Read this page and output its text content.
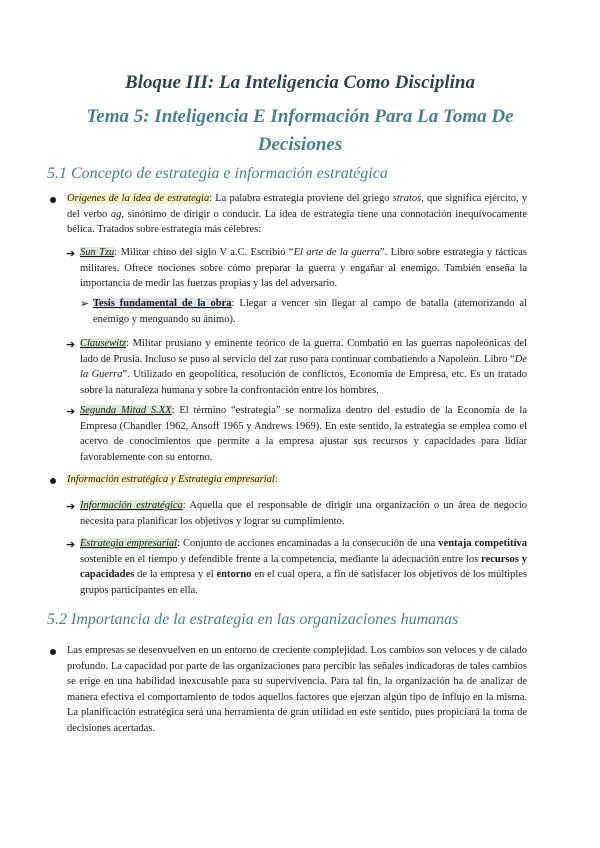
Bloque III: La Inteligencia Como Disciplina
Tema 5: Inteligencia E Información Para La Toma De Decisiones
5.1 Concepto de estrategia e información estratégica
Orígenes de la idea de estrategia: La palabra estrategia proviene del griego stratos, que significa ejército, y del verbo ag, sinónimo de dirigir o conducir. La idea de estrategia tiene una connotación inequívocamente bélica. Tratados sobre estrategia más célebres:
➔ Sun Tzu: Militar chino del siglo V a.C. Escribió “El arte de la guerra”. Libro sobre estrategia y tácticas militares. Ofrece nociones sobre cómo preparar la guerra y engañar al enemigo. También enseña la importancia de medir las fuerzas propias y las del adversario.
➢ Tesis fundamental de la obra: Llegar a vencer sin llegar al campo de batalla (atemorizando al enemigo y menguando su ánimo).
➔ Clausewitz: Militar prusiano y eminente teórico de la guerra. Combatió en las guerras napoleónicas del lado de Prusia. Incluso se puso al servicio del zar ruso para continuar combatiendo a Napoleón. Libro “De la Guerra”. Utilizado en geopolítica, resolución de conflictos, Economía de Empresa, etc. Es un tratado sobre la naturaleza humana y sobre la confrontación entre los hombres.
➔ Segunda Mitad S.XX: El término “estrategia” se normaliza dentro del estudio de la Economía de la Empresa (Chandler 1962, Ansoff 1965 y Andrews 1969). En este sentido, la estrategia se emplea como el acervo de conocimientos que permite a la empresa ajustar sus recursos y capacidades para lidiar favorablemente con su entorno.
Información estratégica y Estrategia empresarial:
➔ Información estratégica: Aquella que el responsable de dirigir una organización o un área de negocio necesita para planificar los objetivos y lograr su cumplimiento.
➔ Estrategia empresarial: Conjunto de acciones encaminadas a la consecución de una ventaja competitiva sostenible en el tiempo y defendible frente a la competencia, mediante la adecuación entre los recursos y capacidades de la empresa y el entorno en el cual opera, a fin de satisfacer los objetivos de los múltiples grupos participantes en ella.
5.2 Importancia de la estrategia en las organizaciones humanas
Las empresas se desenvuelven en un entorno de creciente complejidad. Los cambios son veloces y de calado profundo. La capacidad por parte de las organizaciones para percibir las señales indicadoras de tales cambios se erige en una habilidad inexcusable para su supervivencia. Para tal fin, la organización ha de analizar de manera efectiva el comportamiento de todos aquellos factores que ejerzan algún tipo de influjo en la misma. La planificación estratégica será una herramienta de gran utilidad en este sentido, pues propiciará la toma de decisiones acertadas.
